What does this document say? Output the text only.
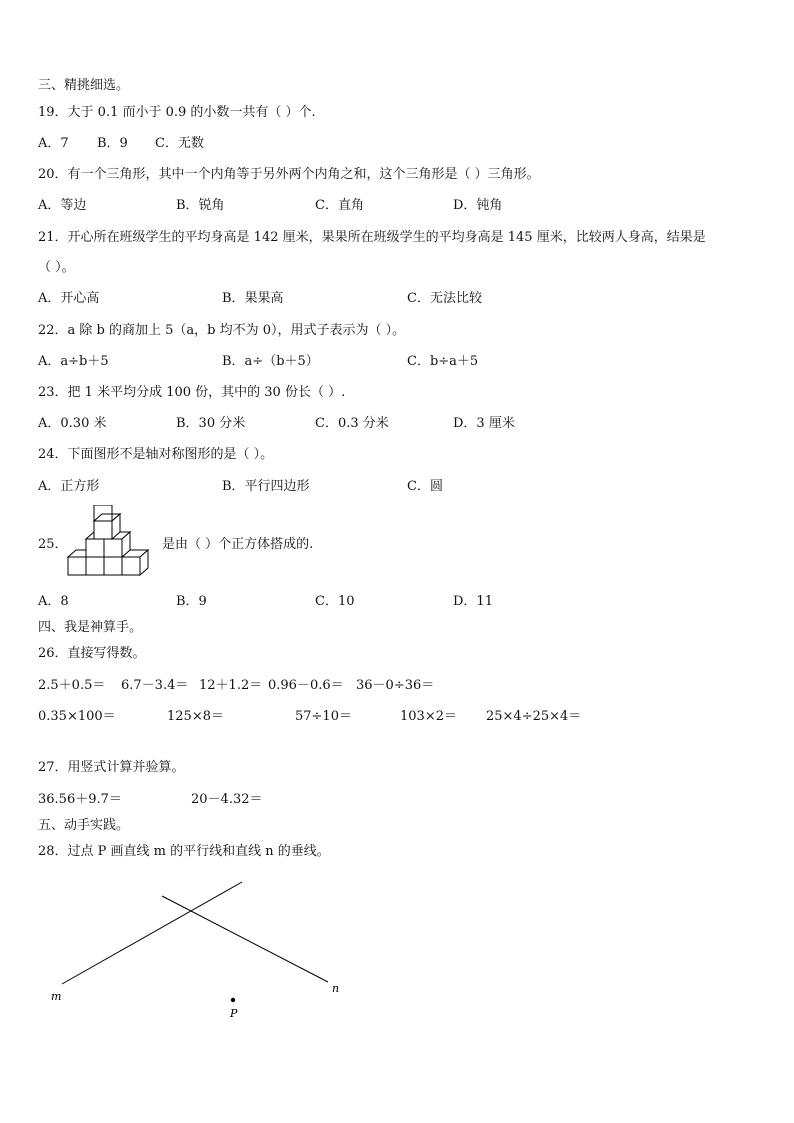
三、精挑细选。
19．大于 0.1 而小于 0.9 的小数一共有（ ）个.
A．7 B．9 C．无数
20．有一个三角形，其中一个内角等于另外两个内角之和，这个三角形是（ ）三角形。
A．等边	B．锐角	C．直角	D．钝角
21．开心所在班级学生的平均身高是 142 厘米，果果所在班级学生的平均身高是 145 厘米，比较两人身高，结果是
（ ）。
A．开心高	B．果果高	C．无法比较
22．a 除 b 的商加上 5（a，b 均不为 0），用式子表示为（ ）。
A．a÷b＋5	B．a÷（b＋5）	C．b÷a＋5
23．把 1 米平均分成 100 份，其中的 30 份长（ ）.
A．0.30 米	B．30 分米	C．0.3 分米	D．3 厘米
24．下面图形不是轴对称图形的是（ ）。
A．正方形	B．平行四边形	C．圆
25．	是由（ ）个正方体搭成的.
A．8	B．9	C．10	D．11
四、我是神算手。
26．直接写得数。
2.5＋0.5＝ 6.7－3.4＝ 12＋1.2＝ 0.96－0.6＝ 36－0÷36＝
0.35×100＝	125×8＝	57÷10＝	103×2＝ 25×4÷25×4＝
27．用竖式计算并验算。
36.56＋9.7＝	20－4.32＝
五、动手实践。
28．过点 P 画直线 m 的平行线和直线 n 的垂线。
m
n
P
